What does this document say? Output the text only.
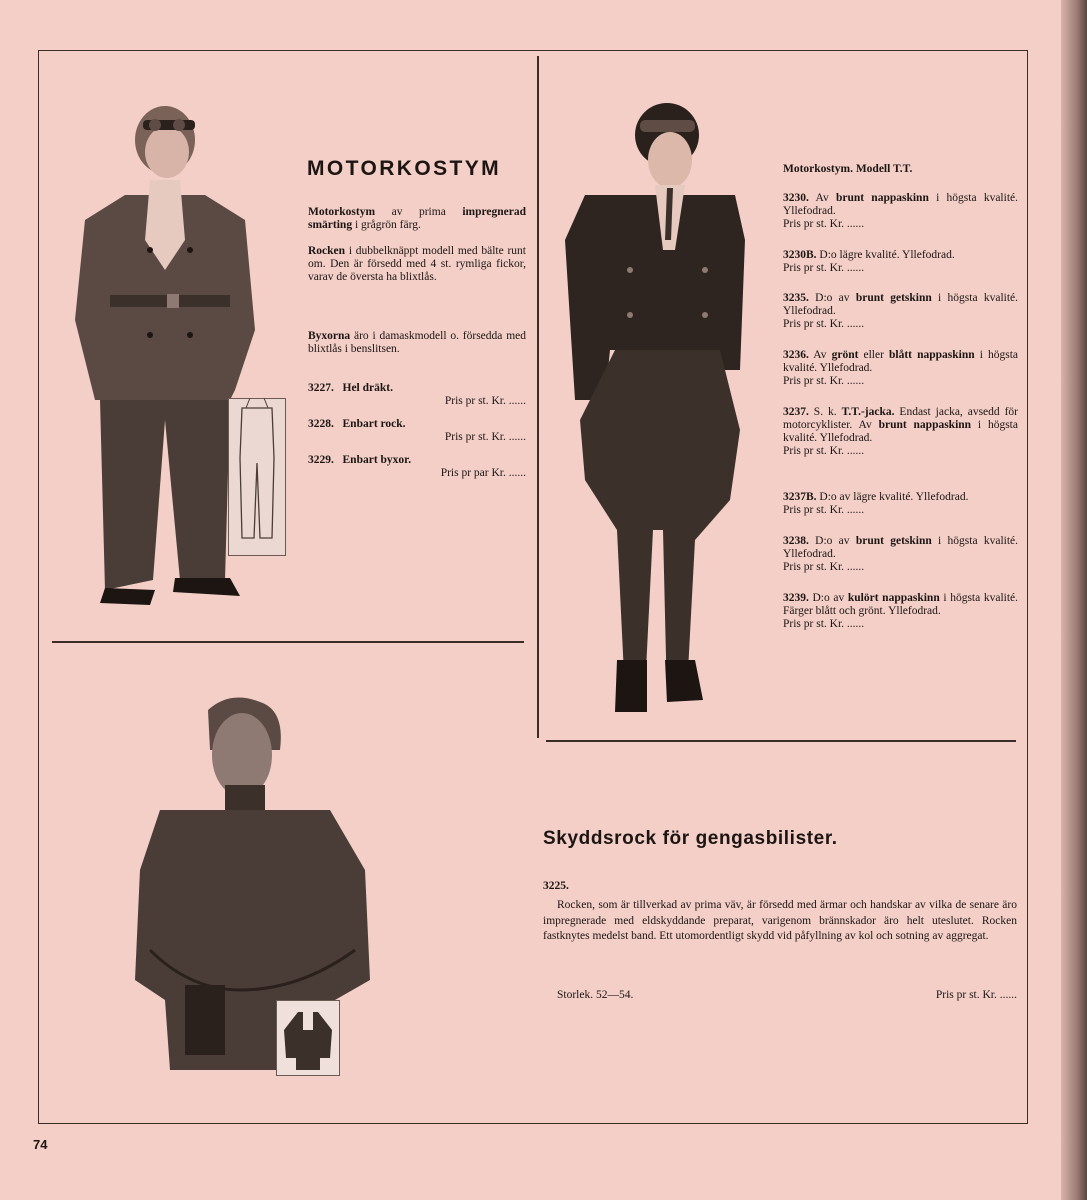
MOTORKOSTYM
Motorkostym av prima impregnerad smärting i grågrön färg.
Rocken i dubbelknäppt modell med bälte runt om. Den är försedd med 4 st. rymliga fickor, varav de översta ha blixtlås.
Byxorna äro i damaskmodell o. försedda med blixtlås i benslitsen.
3227. Hel dräkt.
Pris pr st. Kr. ......
3228. Enbart rock.
Pris pr st. Kr. ......
3229. Enbart byxor.
Pris pr par Kr. ......
Motorkostym. Modell T.T.
3230. Av brunt nappaskinn i högsta kvalité. Yllefodrad.
Pris pr st. Kr. ......
3230B. D:o lägre kvalité. Yllefodrad.
Pris pr st. Kr. ......
3235. D:o av brunt getskinn i högsta kvalité. Yllefodrad.
Pris pr st. Kr. ......
3236. Av grönt eller blått nappaskinn i högsta kvalité. Yllefodrad.
Pris pr st. Kr. ......
3237. S. k. T.T.-jacka. Endast jacka, avsedd för motorcyklister. Av brunt nappaskinn i högsta kvalité. Yllefodrad.
Pris pr st. Kr. ......
3237B. D:o av lägre kvalité. Yllefodrad.
Pris pr st. Kr. ......
3238. D:o av brunt getskinn i högsta kvalité. Yllefodrad.
Pris pr st. Kr. ......
3239. D:o av kulört nappaskinn i högsta kvalité. Färger blått och grönt. Yllefodrad.
Pris pr st. Kr. ......
Skyddsrock för gengasbilister.
3225.
Rocken, som är tillverkad av prima väv, är försedd med ärmar och handskar av vilka de senare äro impregnerade med eldskyddande preparat, varigenom brännskador äro helt uteslutet. Rocken fastknytes medelst band. Ett utomordentligt skydd vid påfyllning av kol och sotning av aggregat.
Storlek. 52—54.	Pris pr st. Kr. ......
74
